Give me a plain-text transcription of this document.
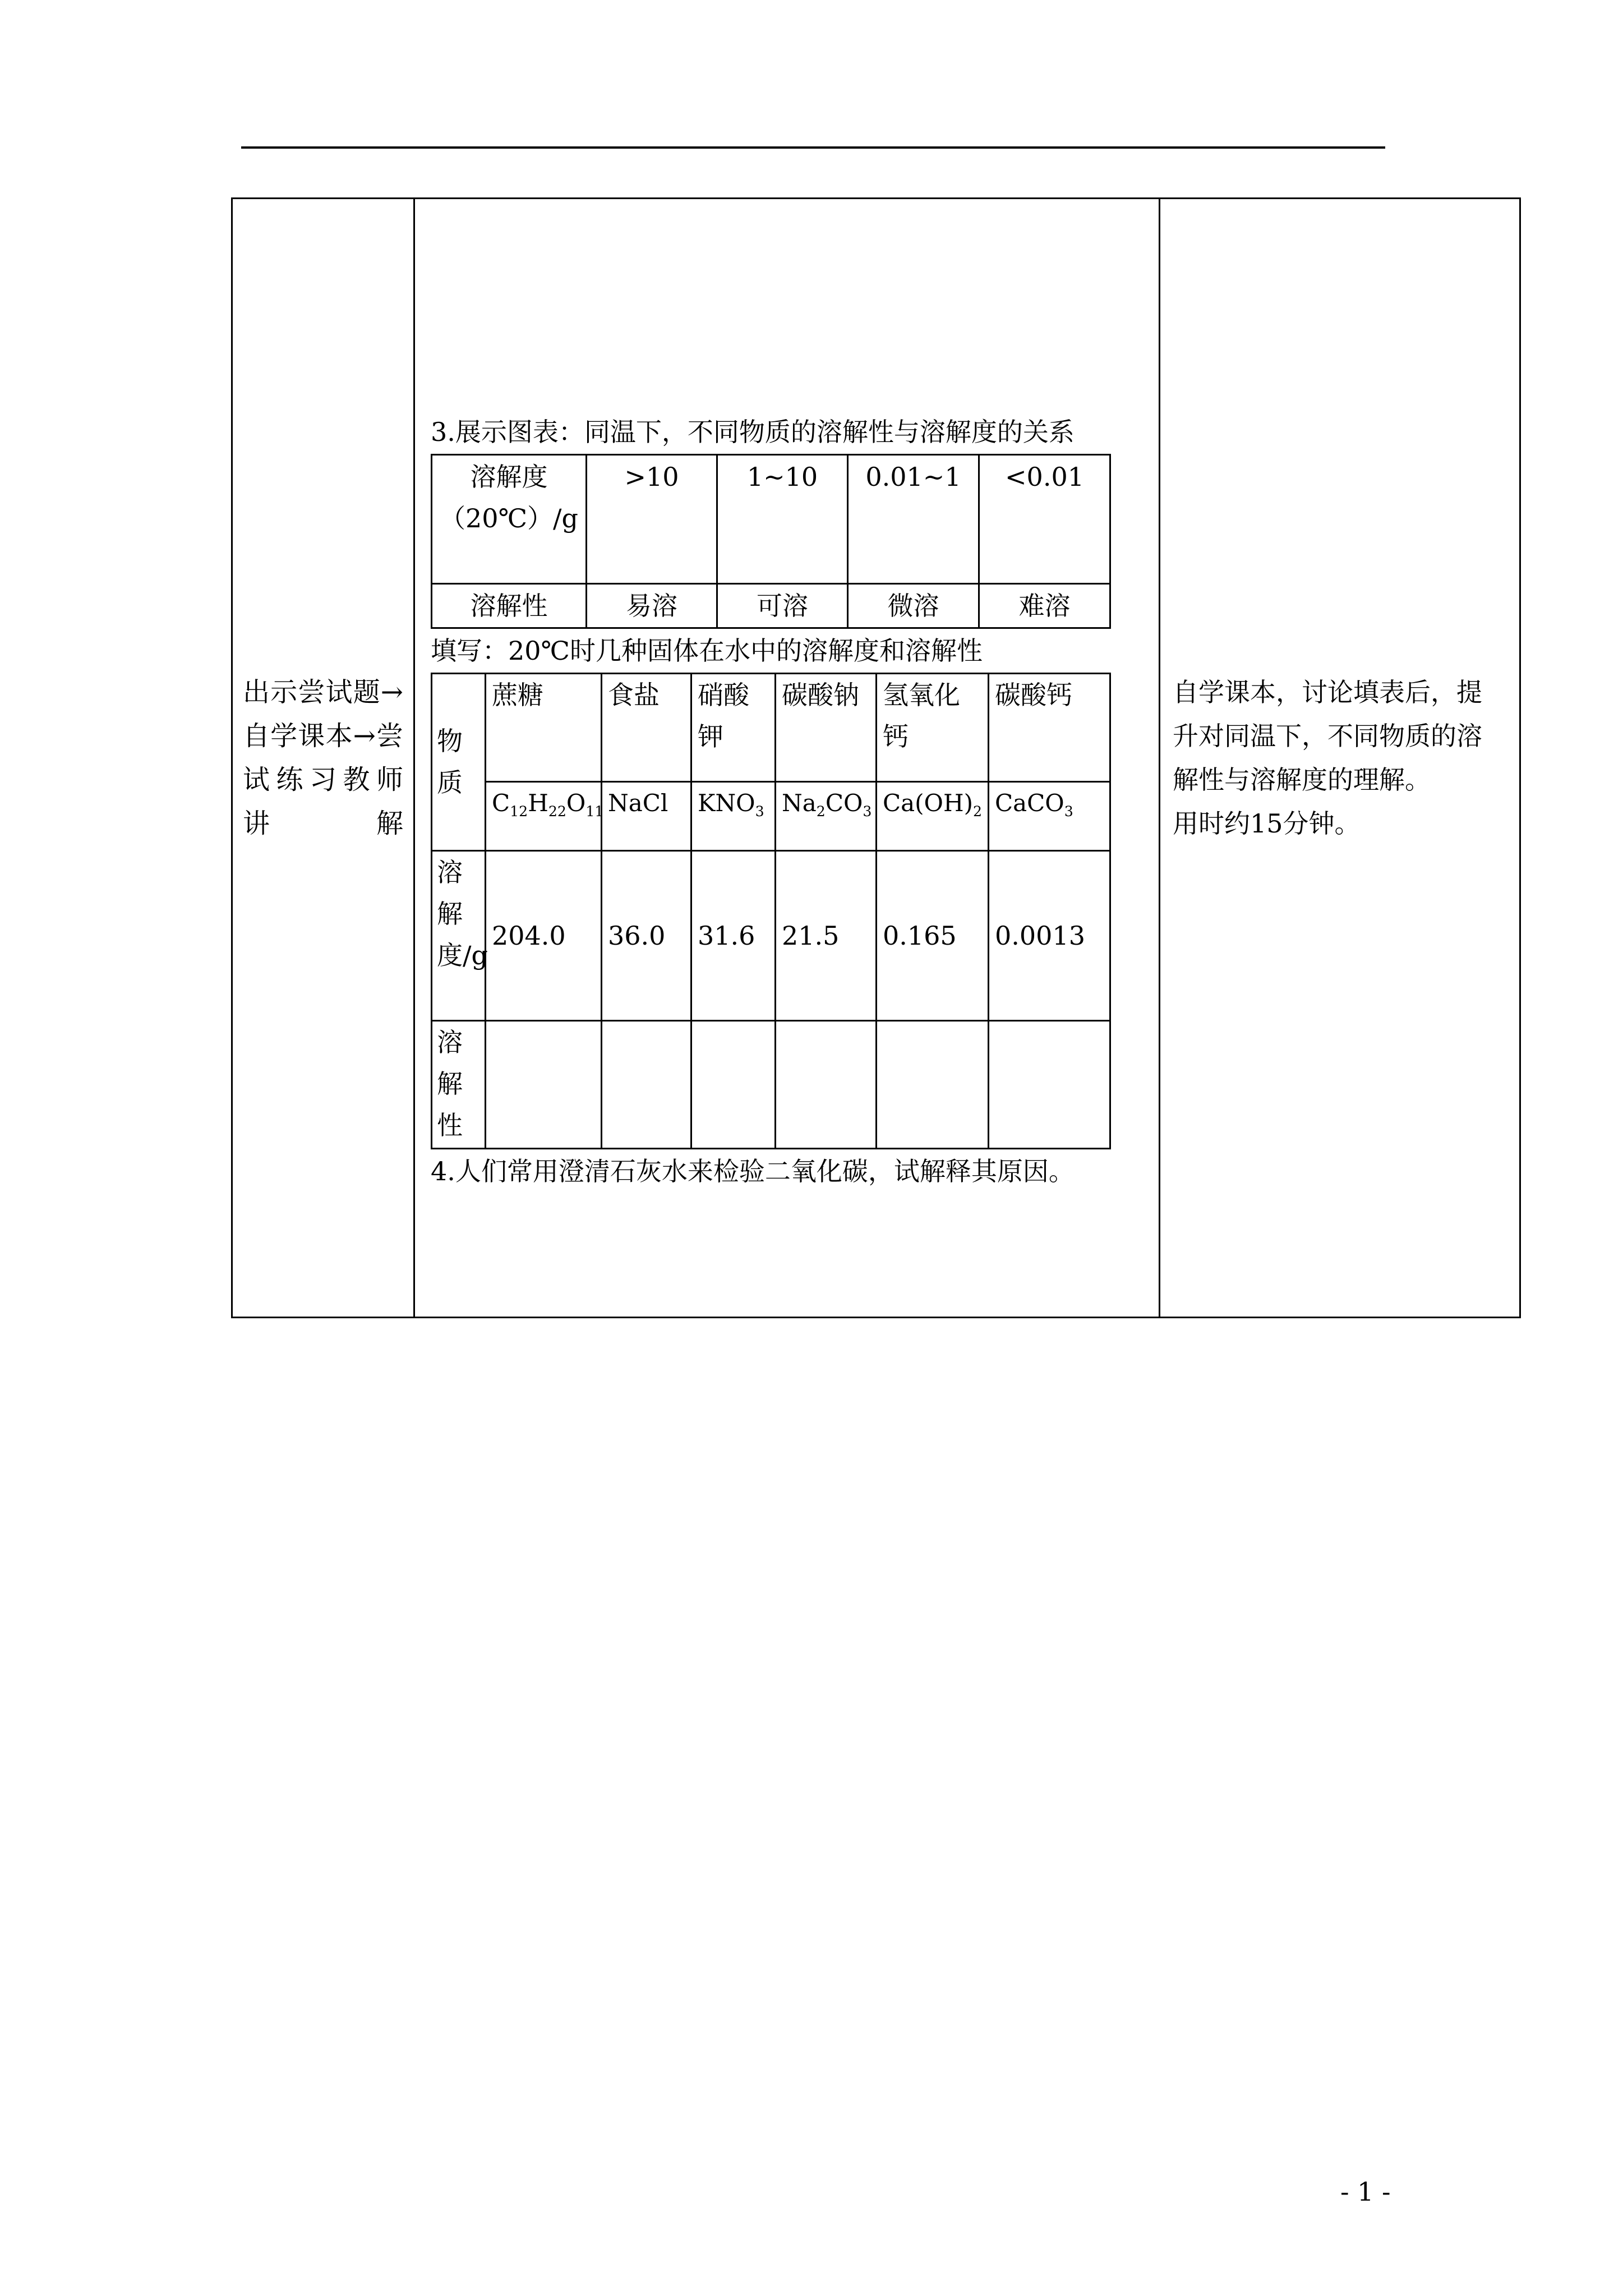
出示尝试题→自学课本→尝试练习教师讲解	
3.展示图表：同温下，不同物质的溶解性与溶解度的关系
溶解度（20℃）/g	>10	1~10	0.01~1	<0.01
溶解性	易溶	可溶	微溶	难溶
填写：20℃时几种固体在水中的溶解度和溶解性
物质	蔗糖	食盐	硝酸钾	碳酸钠	氢氧化钙	碳酸钙
$C_{12}H_{22}O_{11}$	NaCl	$KNO_3$	$Na_2CO_3$	$Ca(OH)_2$	CaCO$_3$
溶解度/g	204.0	36.0	31.6	21.5	0.165	0.0013
溶解性						
4.人们常用澄清石灰水来检验二氧化碳，试解释其原因。

自学课本，讨论填表后，提升对同温下，不同物质的溶解性与溶解度的理解。
用时约15分钟。
- 1 -
